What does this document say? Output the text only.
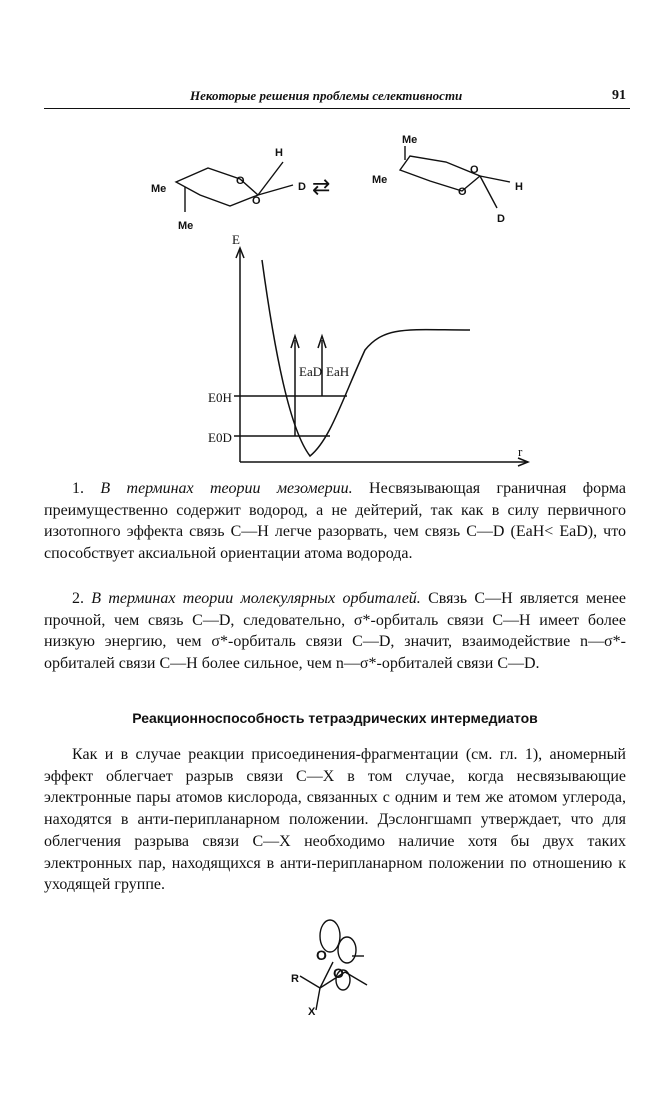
Некоторые решения проблемы селективности	91
Me
Me
O
O
H
D ⇄
Me
Me
O
O	H
D
E
r
E0H
E0D
EaD EaH

1. В терминах теории мезомерии. Несвязывающая граничная форма преимущественно содержит водород, а не дейтерий, так как в силу первичного изотопного эффекта связь С—Н легче разорвать, чем связь С—D (EaH< EaD), что способствует аксиальной ориентации атома водорода.

2. В терминах теории молекулярных орбиталей. Связь С—Н является менее прочной, чем связь С—D, следовательно, σ*-орбиталь связи С—Н имеет более низкую энергию, чем σ*-орбиталь связи С—D, значит, взаимодействие n—σ*-орбиталей связи С—Н более сильное, чем n—σ*-орбиталей связи С—D.

Реакционноспособность тетраэдрических интермедиатов

Как и в случае реакции присоединения-фрагментации (см. гл. 1), аномерный эффект облегчает разрыв связи С—X в том случае, когда несвязывающие электронные пары атомов кислорода, связанных с одним и тем же атомом углерода, находятся в анти-перипланарном положении. Дэслонгшамп утверждает, что для облегчения разрыва связи С—X необходимо наличие хотя бы двух таких электронных пар, находящихся в анти-перипланарном положении по отношению к уходящей группе.

O
O
R
X
